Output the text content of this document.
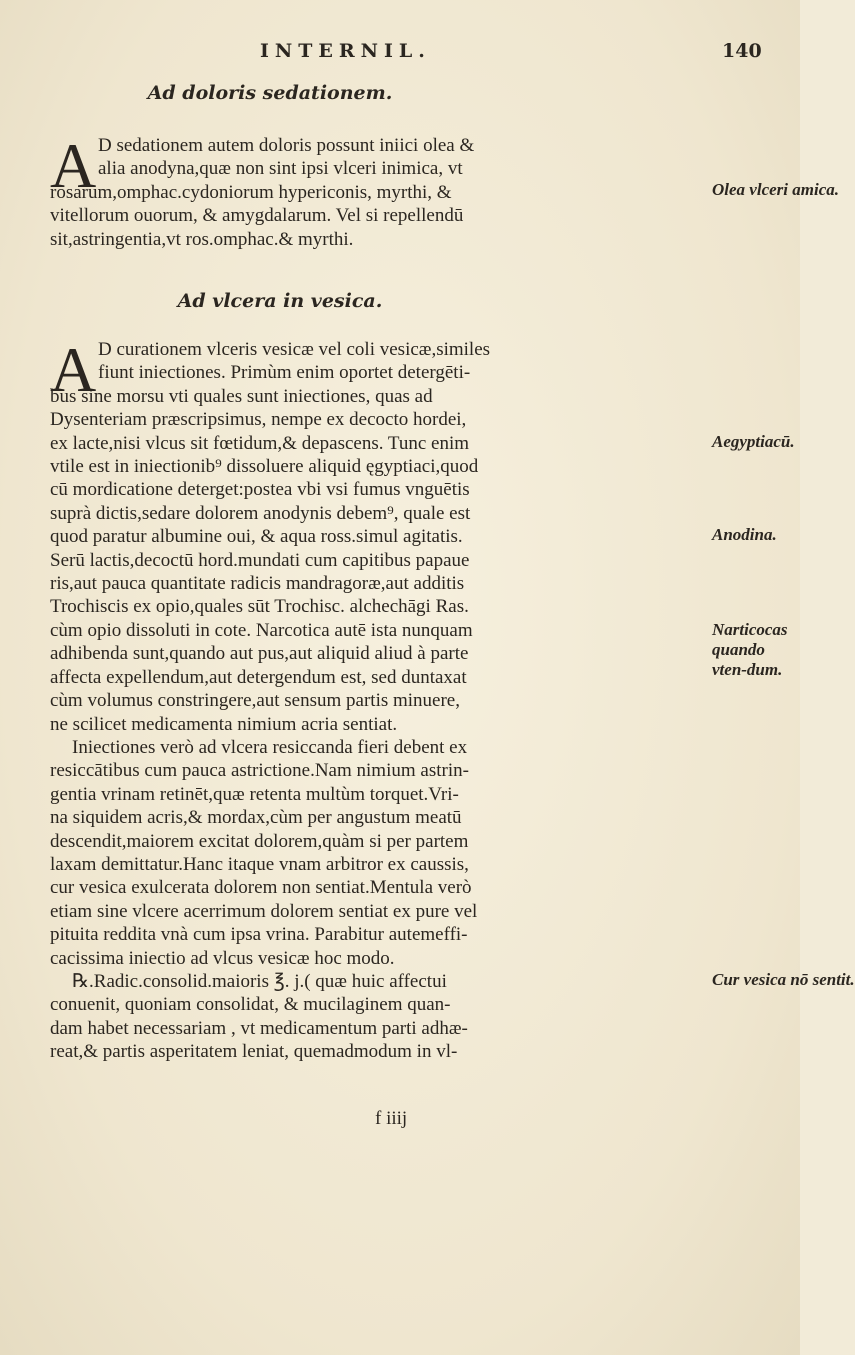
INTERNIL.	140
Ad doloris sedationem.
A D sedationem autem doloris possunt iniici olea &
alia anodyna,quæ non sint ipsi vlceri inimica, vt
rosarum,omphac.cydoniorum hypericonis, myrthi, &
vitellorum ouorum, & amygdalarum. Vel si repellendū
sit,astringentia,vt ros.omphac.& myrthi.
Olea vlceri amica.
Ad vlcera in vesica.
A D curationem vlceris vesicæ vel coli vesicæ,similes
fiunt iniectiones. Primùm enim oportet detergēti-
bus sine morsu vti quales sunt iniectiones, quas ad
Dysenteriam præscripsimus, nempe ex decocto hordei,
ex lacte,nisi vlcus sit fœtidum,& depascens. Tunc enim
vtile est in iniectionib⁹ dissoluere aliquid ęgyptiaci,quod
cū mordicatione deterget:postea vbi vsi fumus vnguētis
suprà dictis,sedare dolorem anodynis debem⁹, quale est
quod paratur albumine oui, & aqua ross.simul agitatis.
Serū lactis,decoctū hord.mundati cum capitibus papaue
ris,aut pauca quantitate radicis mandragoræ,aut additis
Trochiscis ex opio,quales sūt Trochisc. alchechāgi Ras.
cùm opio dissoluti in cote. Narcotica autē ista nunquam
adhibenda sunt,quando aut pus,aut aliquid aliud à parte
affecta expellendum,aut detergendum est, sed duntaxat
cùm volumus constringere,aut sensum partis minuere,
ne scilicet medicamenta nimium acria sentiat.
Iniectiones verò ad vlcera resiccanda fieri debent ex
resiccātibus cum pauca astrictione.Nam nimium astrin-
gentia vrinam retinēt,quæ retenta multùm torquet.Vri-
na siquidem acris,& mordax,cùm per angustum meatū
descendit,maiorem excitat dolorem,quàm si per partem
laxam demittatur.Hanc itaque vnam arbitror ex caussis,
cur vesica exulcerata dolorem non sentiat.Mentula verò
etiam sine vlcere acerrimum dolorem sentiat ex pure vel
pituita reddita vnà cum ipsa vrina. Parabitur autemeffi-
cacissima iniectio ad vlcus vesicæ hoc modo.
℞.Radic.consolid.maioris ℥. j.( quæ huic affectui
conuenit, quoniam consolidat, & mucilaginem quan-
dam habet necessariam , vt medicamentum parti adhæ-
reat,& partis asperitatem leniat, quemadmodum in vl-
Aegyptiacū.
Anodina.
Narticocas quando vten-dum.
Cur vesica nō sentit.
f iiij
